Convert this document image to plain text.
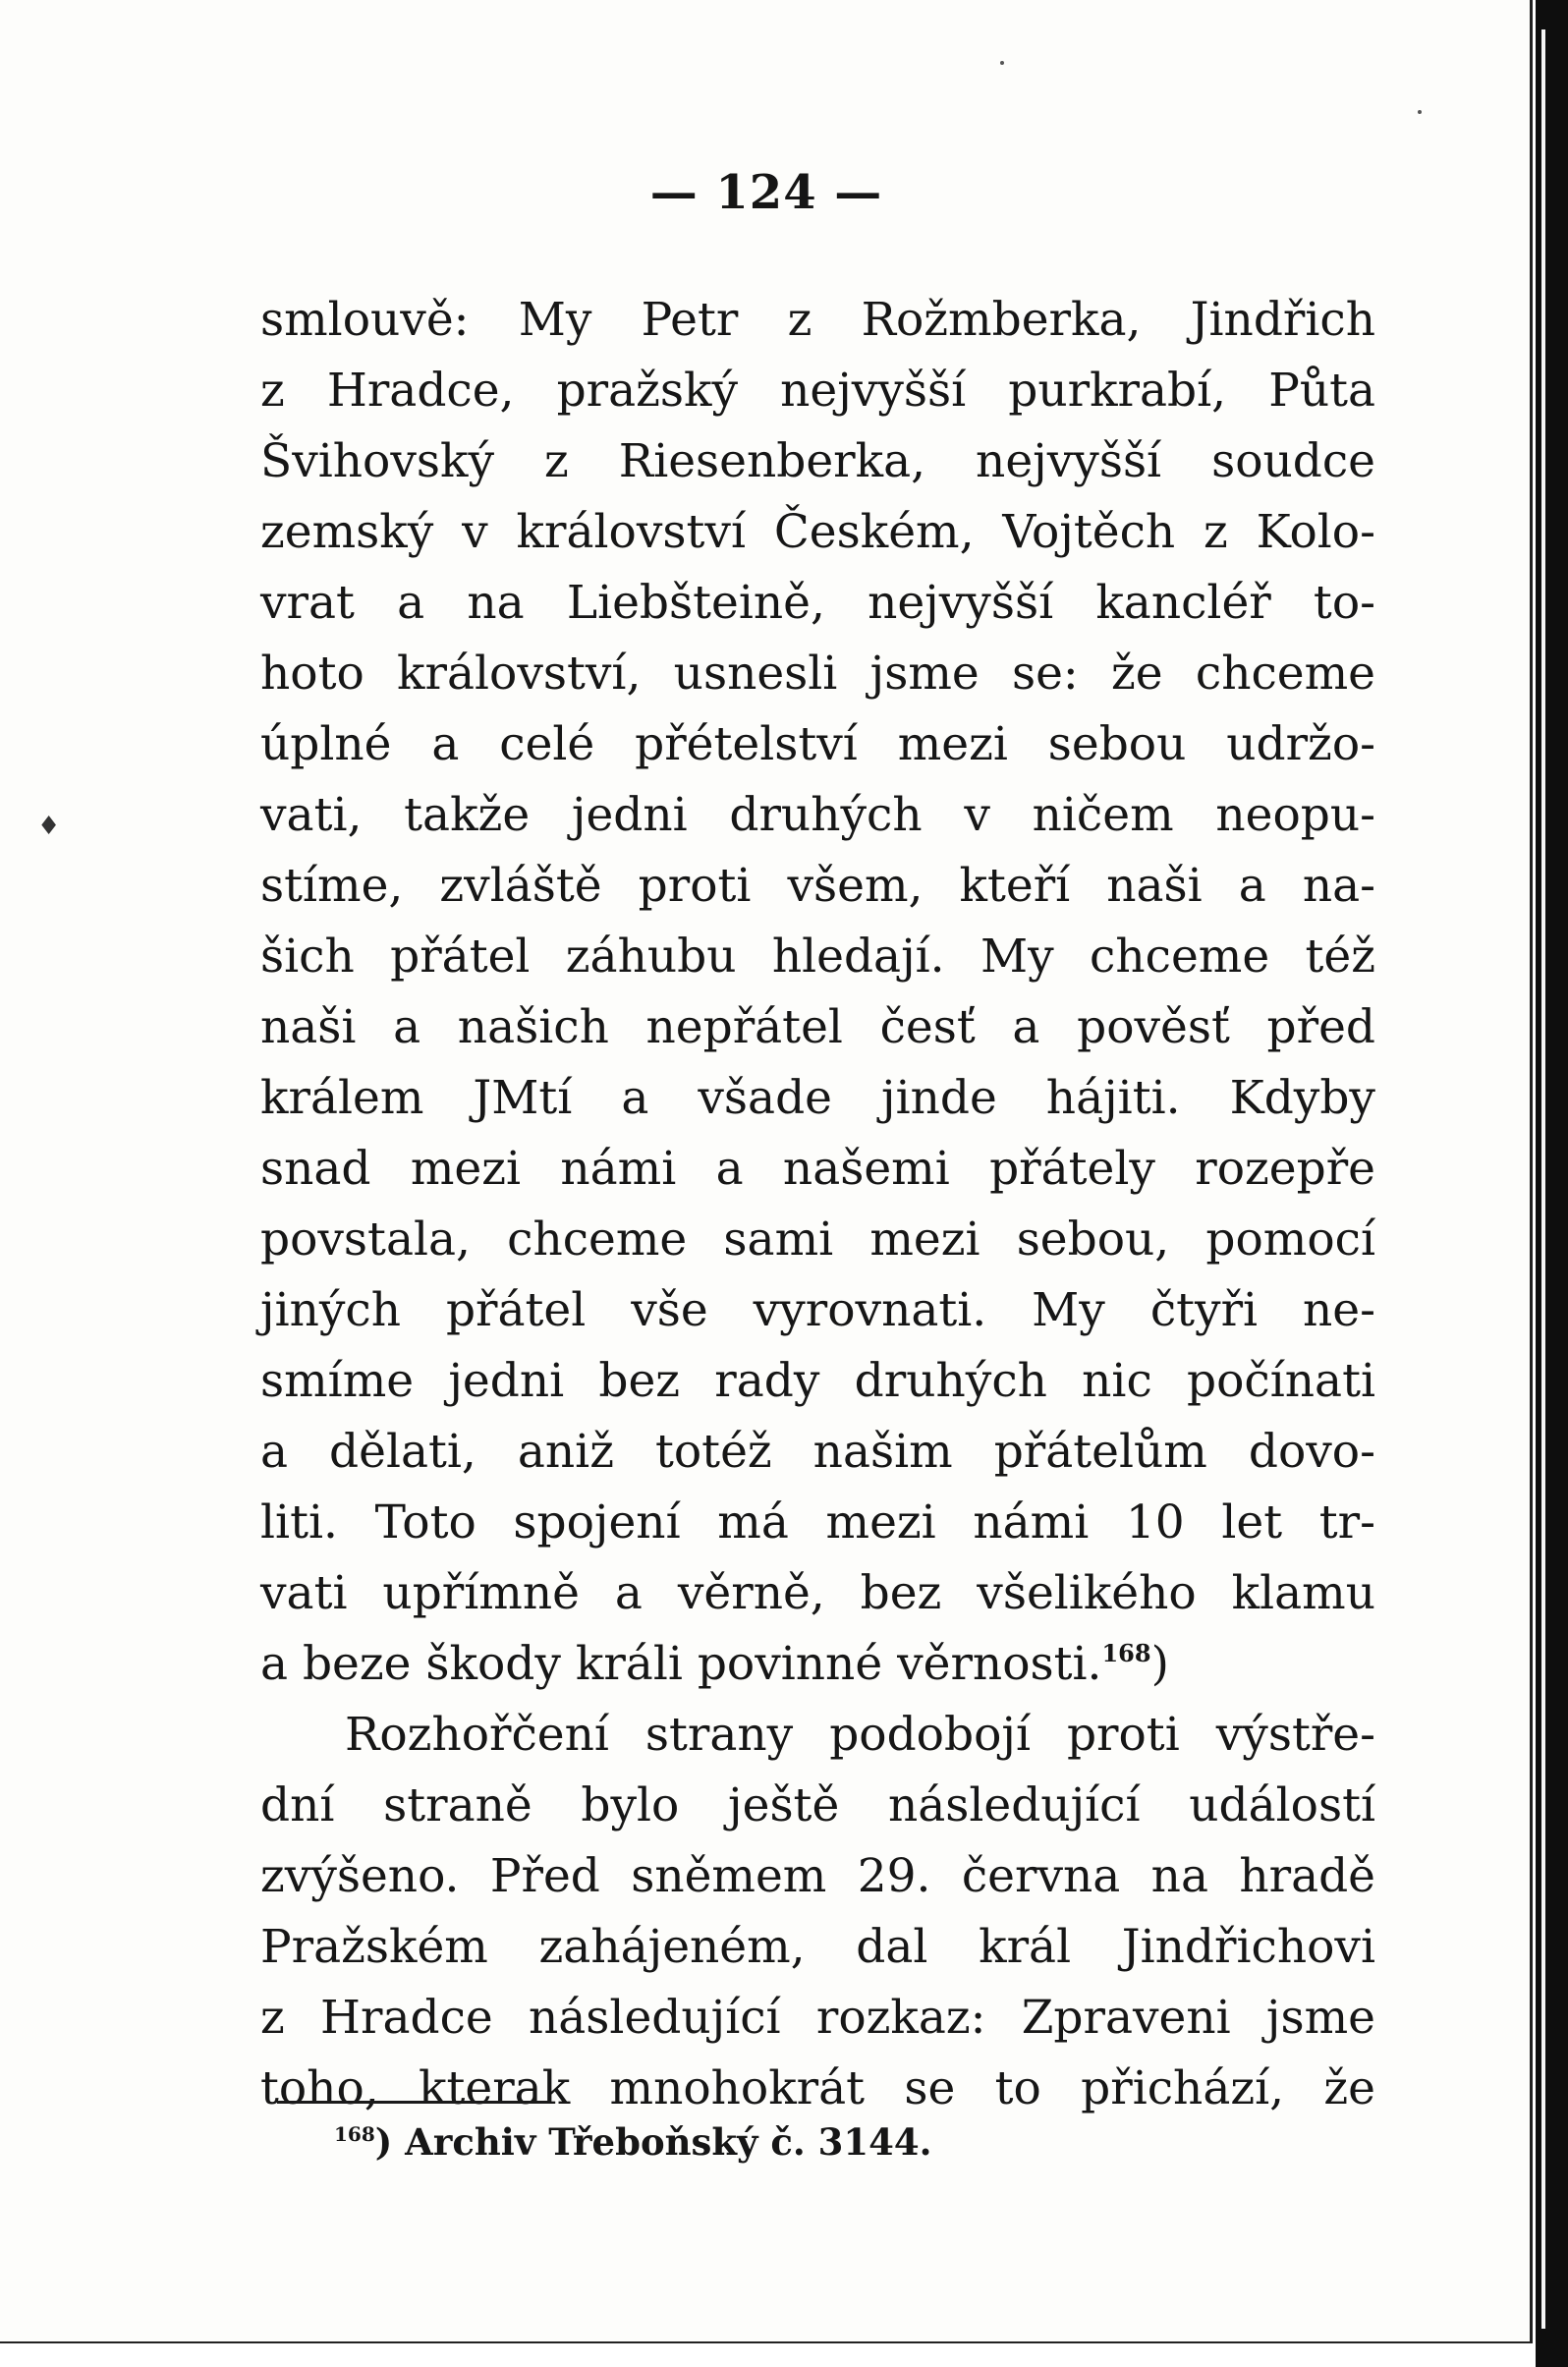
— 124 —
♦
smlouvě: My Petr z Rožmberka, Jindřich
z Hradce, pražský nejvyšší purkrabí, Půta
Švihovský z Riesenberka, nejvyšší soudce
zemský v království Českém, Vojtěch z Kolo-
vrat a na Liebšteině, nejvyšší kancléř to-
hoto království, usnesli jsme se: že chceme
úplné a celé přételství mezi sebou udržo-
vati, takže jedni druhých v ničem neopu-
stíme, zvláště proti všem, kteří naši a na-
šich přátel záhubu hledají. My chceme též
naši a našich nepřátel česť a pověsť před
králem JMtí a všade jinde hájiti. Kdyby
snad mezi námi a našemi přátely rozepře
povstala, chceme sami mezi sebou, pomocí
jiných přátel vše vyrovnati. My čtyři ne-
smíme jedni bez rady druhých nic počínati
a dělati, aniž totéž našim přátelům dovo-
liti. Toto spojení má mezi námi 10 let tr-
vati upřímně a věrně, bez všelikého klamu
a beze škody králi povinné věrnosti.$^{168}$)
Rozhořčení strany podobojí proti výstře-
dní straně bylo ještě následující událostí
zvýšeno. Před sněmem 29. června na hradě
Pražském zahájeném, dal král Jindřichovi
z Hradce následující rozkaz: Zpraveni jsme
toho, kterak mnohokrát se to přichází, že
$^{168}$) Archiv Třeboňský č. 3144.
